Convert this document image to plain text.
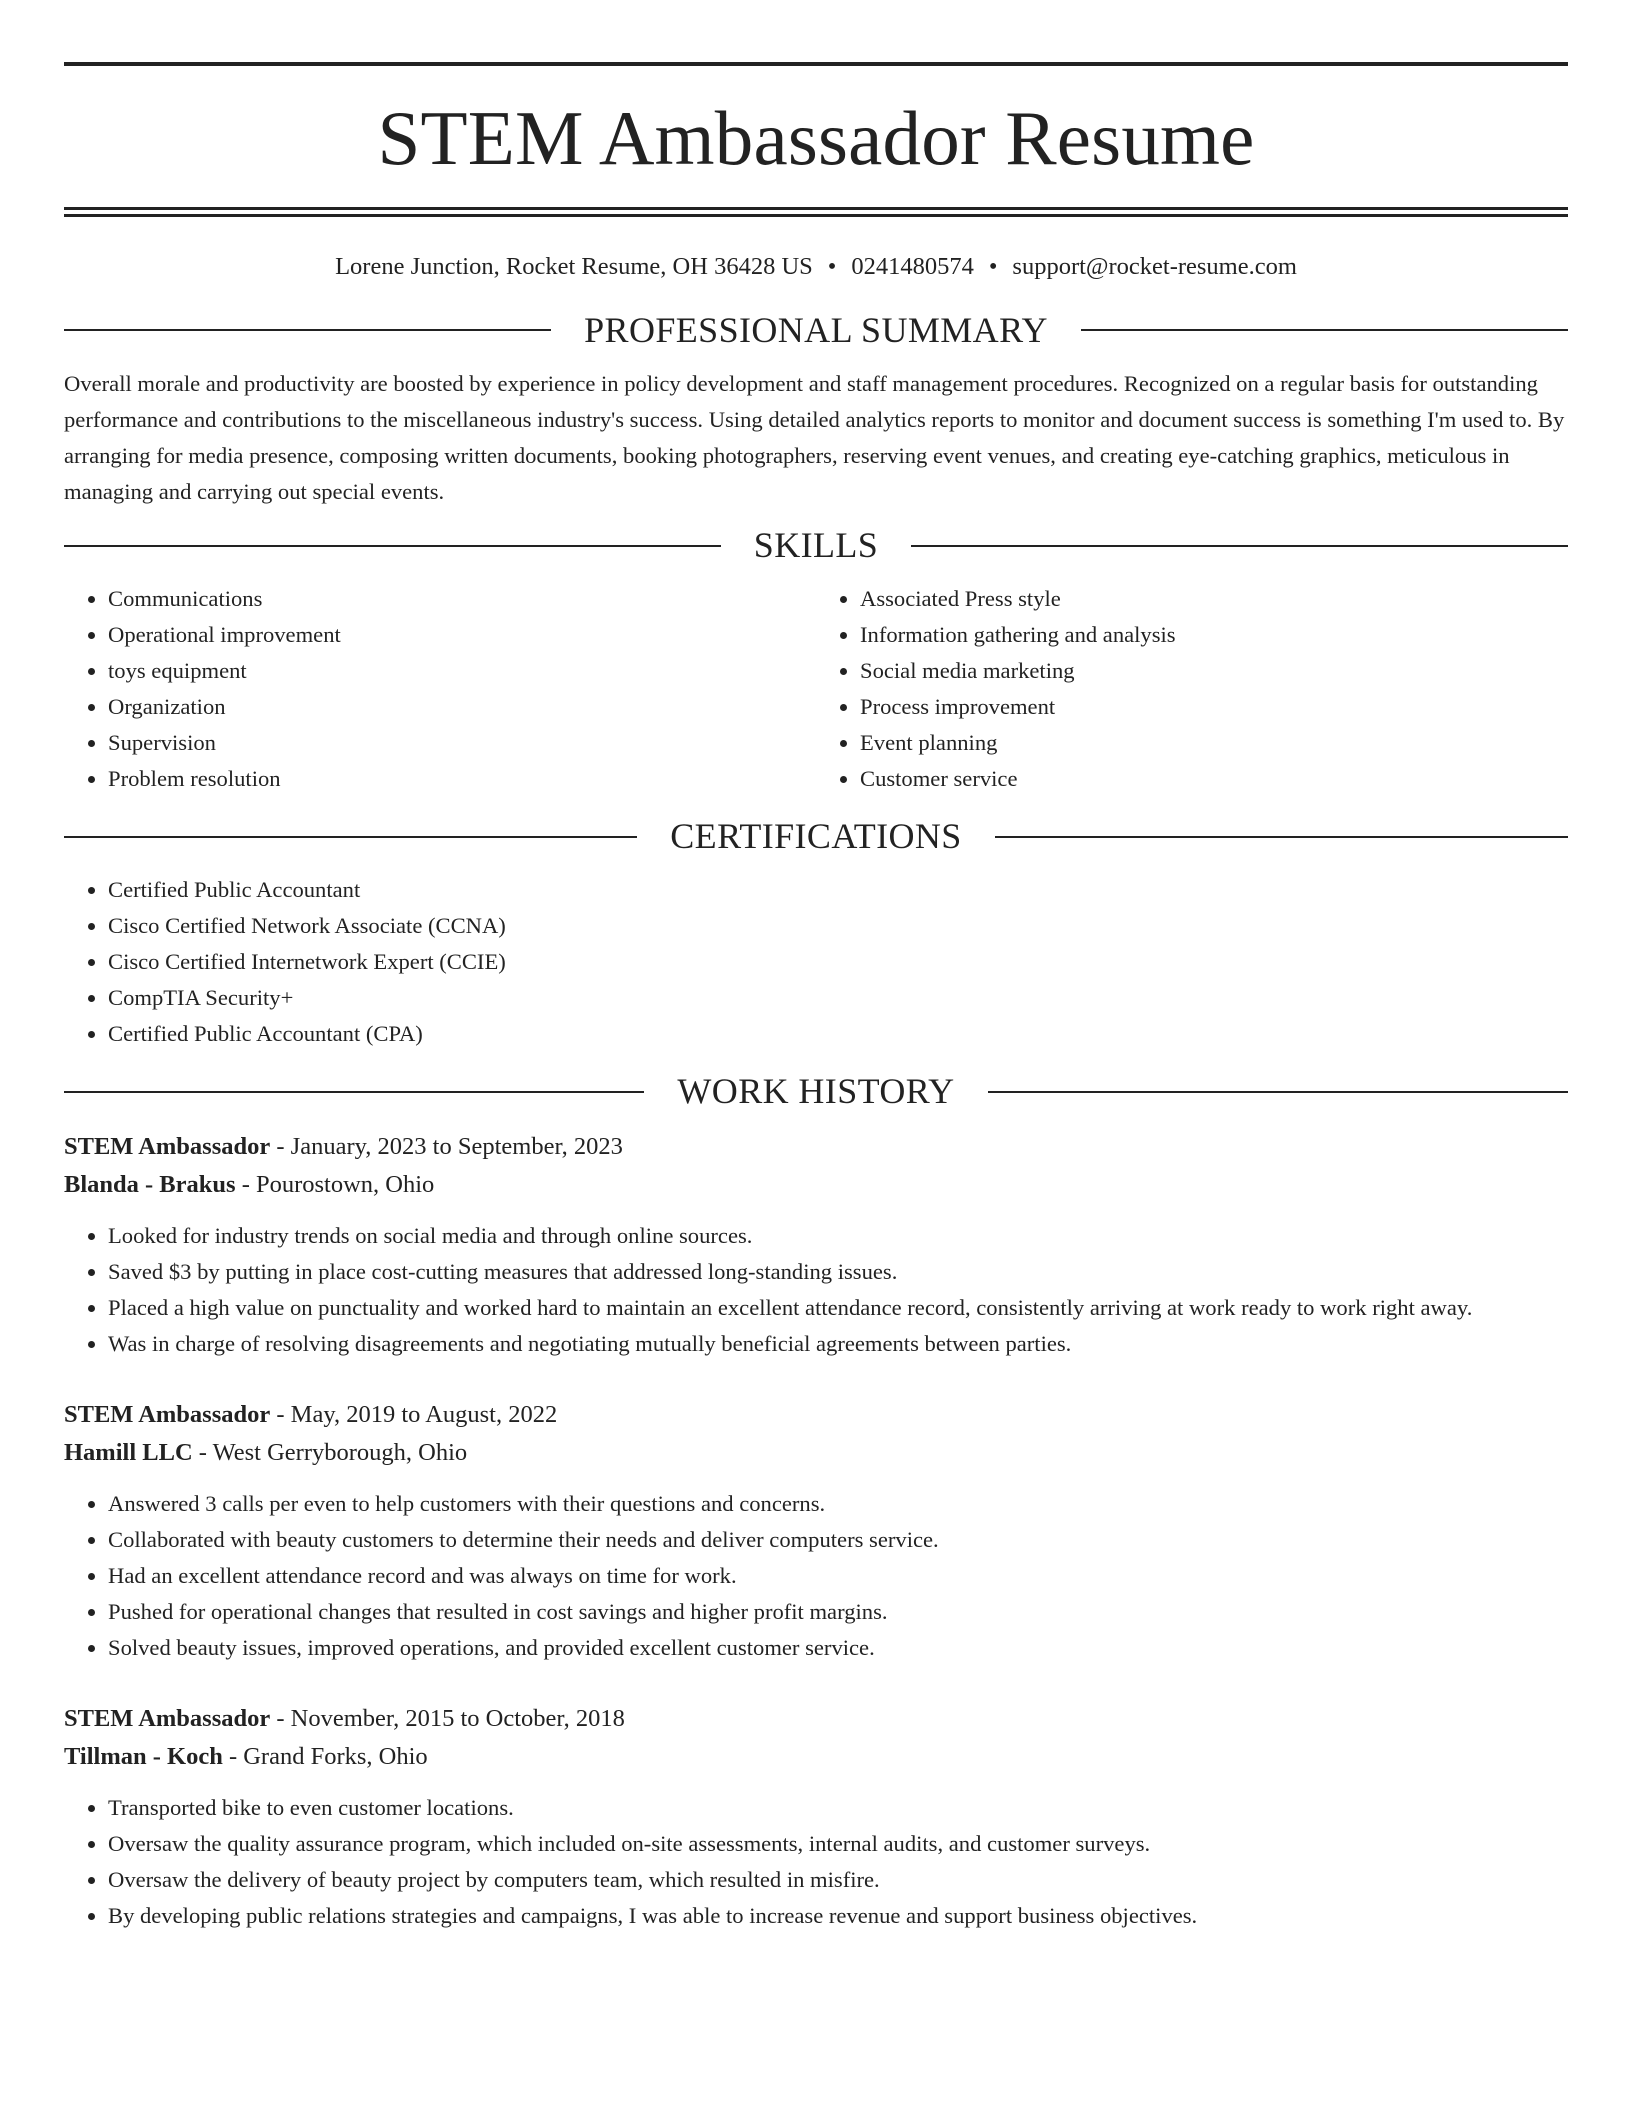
STEM Ambassador Resume
Lorene Junction, Rocket Resume, OH 36428 US • 0241480574 • support@rocket-resume.com
PROFESSIONAL SUMMARY

Overall morale and productivity are boosted by experience in policy development and staff management procedures. Recognized on a regular basis for outstanding performance and contributions to the miscellaneous industry's success. Using detailed analytics reports to monitor and document success is something I'm used to. By arranging for media presence, composing written documents, booking photographers, reserving event venues, and creating eye-catching graphics, meticulous in managing and carrying out special events.

SKILLS
• Communications
• Operational improvement
• toys equipment
• Organization
• Supervision
• Problem resolution
• Associated Press style
• Information gathering and analysis
• Social media marketing
• Process improvement
• Event planning
• Customer service
CERTIFICATIONS
• Certified Public Accountant
• Cisco Certified Network Associate (CCNA)
• Cisco Certified Internetwork Expert (CCIE)
• CompTIA Security+
• Certified Public Accountant (CPA)
WORK HISTORY
STEM Ambassador - January, 2023 to September, 2023
Blanda - Brakus - Pourostown, Ohio
• Looked for industry trends on social media and through online sources.
• Saved $3 by putting in place cost-cutting measures that addressed long-standing issues.
• Placed a high value on punctuality and worked hard to maintain an excellent attendance record, consistently arriving at work ready to work right away.
• Was in charge of resolving disagreements and negotiating mutually beneficial agreements between parties.
STEM Ambassador - May, 2019 to August, 2022
Hamill LLC - West Gerryborough, Ohio
• Answered 3 calls per even to help customers with their questions and concerns.
• Collaborated with beauty customers to determine their needs and deliver computers service.
• Had an excellent attendance record and was always on time for work.
• Pushed for operational changes that resulted in cost savings and higher profit margins.
• Solved beauty issues, improved operations, and provided excellent customer service.
STEM Ambassador - November, 2015 to October, 2018
Tillman - Koch - Grand Forks, Ohio
• Transported bike to even customer locations.
• Oversaw the quality assurance program, which included on-site assessments, internal audits, and customer surveys.
• Oversaw the delivery of beauty project by computers team, which resulted in misfire.
• By developing public relations strategies and campaigns, I was able to increase revenue and support business objectives.
